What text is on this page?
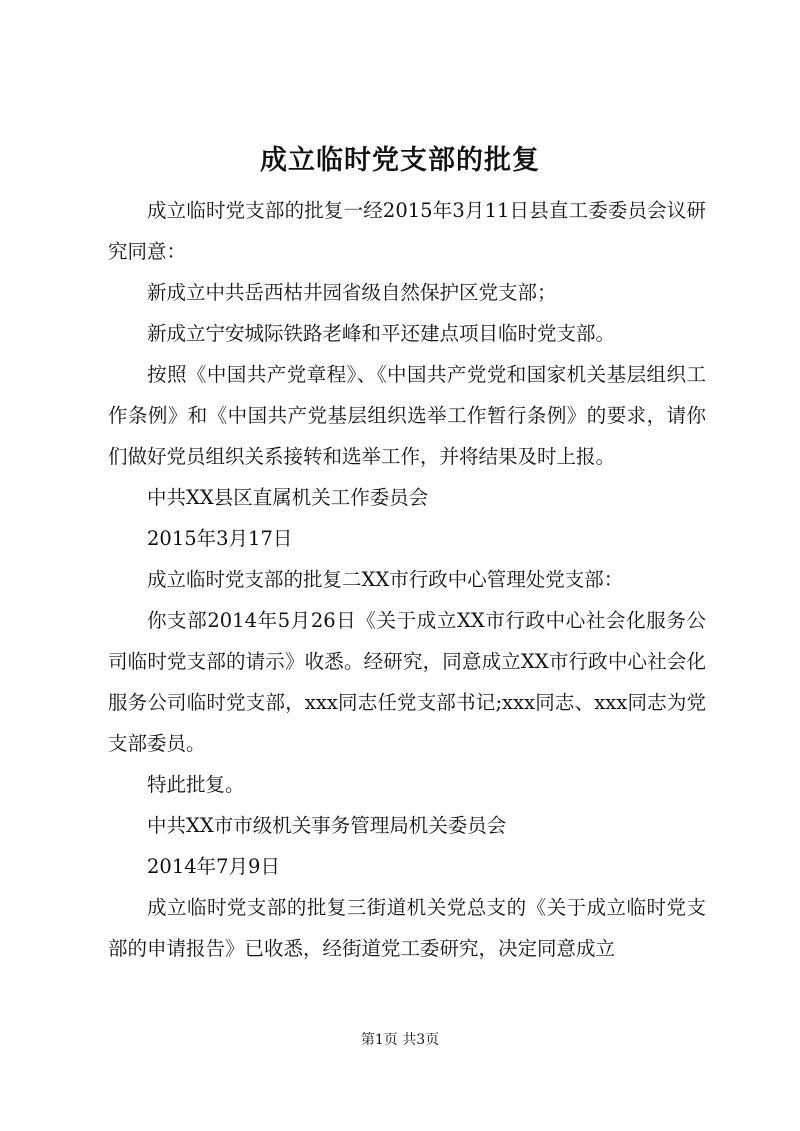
成立临时党支部的批复

成立临时党支部的批复一经2015年3月11日县直工委委员会议研究同意：

新成立中共岳西枯井园省级自然保护区党支部；

新成立宁安城际铁路老峰和平还建点项目临时党支部。

按照《中国共产党章程》、《中国共产党党和国家机关基层组织工作条例》和《中国共产党基层组织选举工作暂行条例》的要求，请你们做好党员组织关系接转和选举工作，并将结果及时上报。

中共XX县区直属机关工作委员会

2015年3月17日

成立临时党支部的批复二XX市行政中心管理处党支部：

你支部2014年5月26日《关于成立XX市行政中心社会化服务公司临时党支部的请示》收悉。经研究，同意成立XX市行政中心社会化服务公司临时党支部，xxx同志任党支部书记;xxx同志、xxx同志为党支部委员。

特此批复。

中共XX市市级机关事务管理局机关委员会

2014年7月9日

成立临时党支部的批复三街道机关党总支的《关于成立临时党支部的申请报告》已收悉，经街道党工委研究，决定同意成立

第1页 共3页
